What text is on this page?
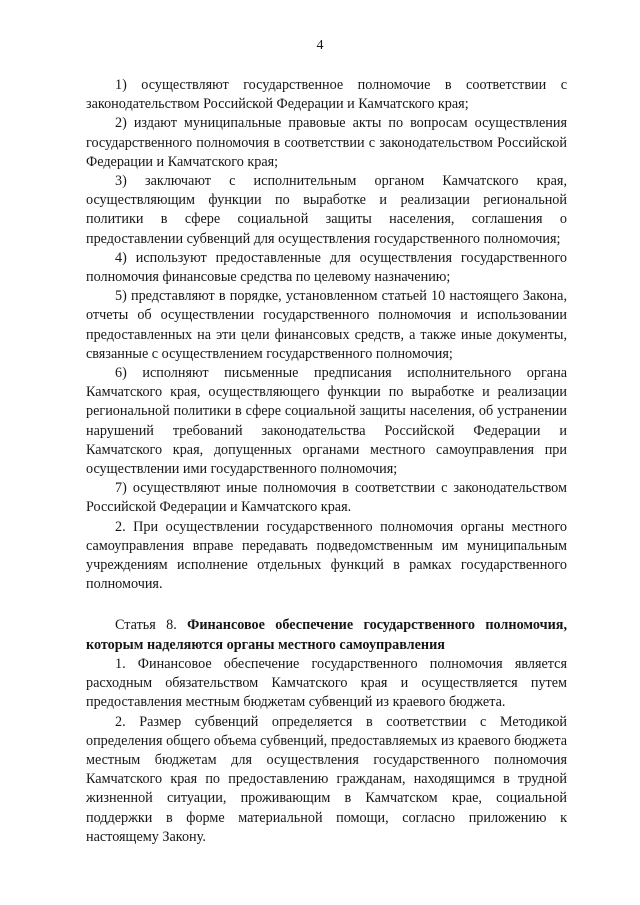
4

1) осуществляют государственное полномочие в соответствии с законодательством Российской Федерации и Камчатского края;

2) издают муниципальные правовые акты по вопросам осуществления государственного полномочия в соответствии с законодательством Российской Федерации и Камчатского края;

3) заключают с исполнительным органом Камчатского края, осуществляющим функции по выработке и реализации региональной политики в сфере социальной защиты населения, соглашения о предоставлении субвенций для осуществления государственного полномочия;

4) используют предоставленные для осуществления государственного полномочия финансовые средства по целевому назначению;

5) представляют в порядке, установленном статьей 10 настоящего Закона, отчеты об осуществлении государственного полномочия и использовании предоставленных на эти цели финансовых средств, а также иные документы, связанные с осуществлением государственного полномочия;

6) исполняют письменные предписания исполнительного органа Камчатского края, осуществляющего функции по выработке и реализации региональной политики в сфере социальной защиты населения, об устранении нарушений требований законодательства Российской Федерации и Камчатского края, допущенных органами местного самоуправления при осуществлении ими государственного полномочия;

7) осуществляют иные полномочия в соответствии с законодательством Российской Федерации и Камчатского края.

2. При осуществлении государственного полномочия органы местного самоуправления вправе передавать подведомственным им муниципальным учреждениям исполнение отдельных функций в рамках государственного полномочия.

Статья 8. Финансовое обеспечение государственного полномочия, которым наделяются органы местного самоуправления

1. Финансовое обеспечение государственного полномочия является расходным обязательством Камчатского края и осуществляется путем предоставления местным бюджетам субвенций из краевого бюджета.

2. Размер субвенций определяется в соответствии с Методикой определения общего объема субвенций, предоставляемых из краевого бюджета местным бюджетам для осуществления государственного полномочия Камчатского края по предоставлению гражданам, находящимся в трудной жизненной ситуации, проживающим в Камчатском крае, социальной поддержки в форме материальной помощи, согласно приложению к настоящему Закону.
